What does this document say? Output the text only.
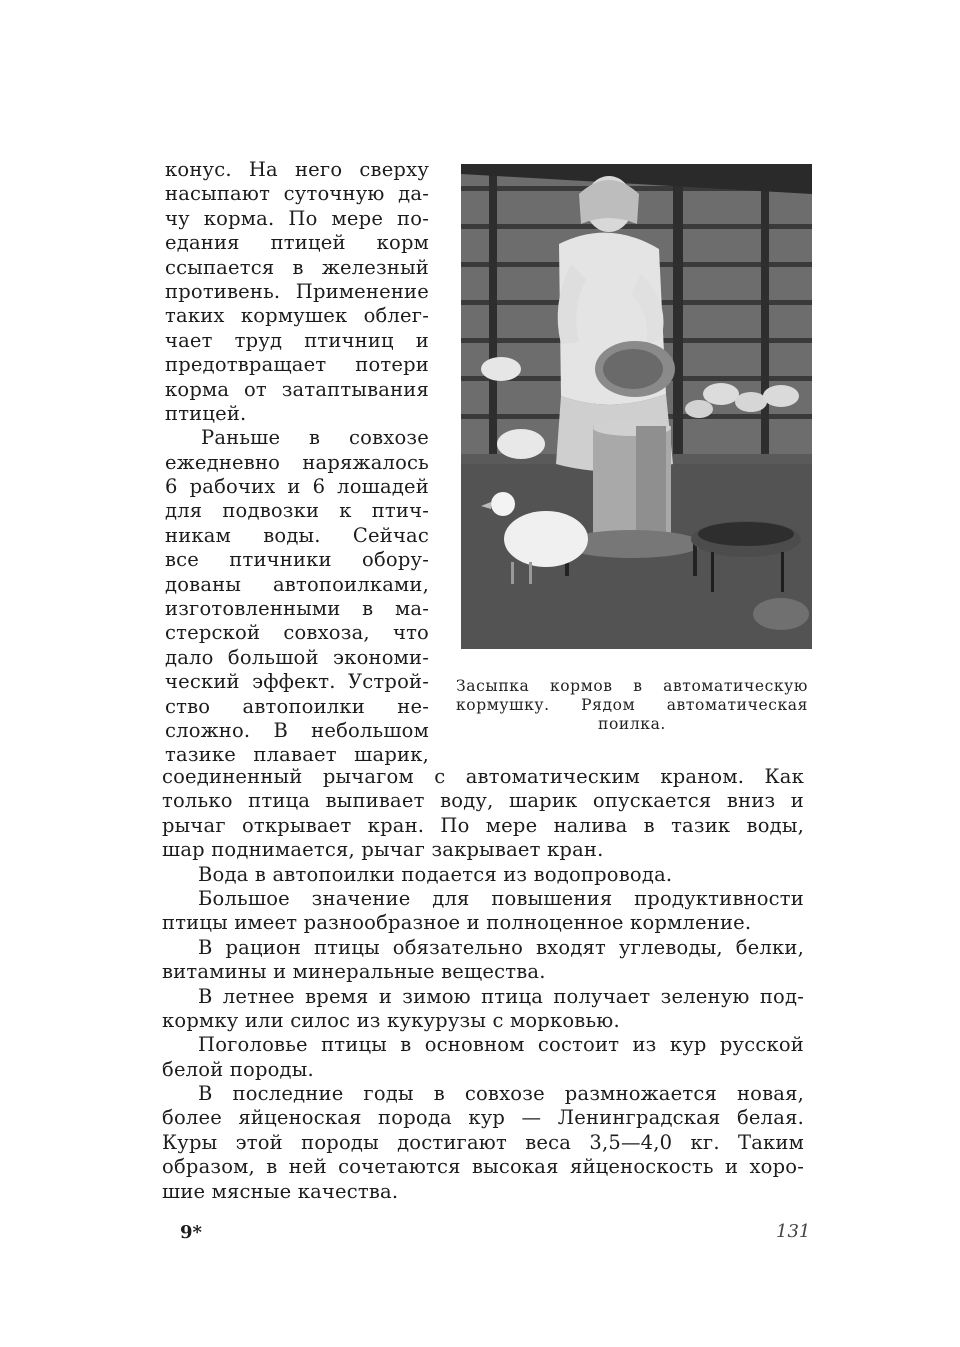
конус. На него сверху
насыпают суточную да-
чу корма. По мере по-
едания птицей корм
ссыпается в железный
противень. Применение
таких кормушек облег-
чает труд птичниц и
предотвращает потери
корма от затаптывания
птицей.
Раньше в совхозе
ежедневно наряжалось
6 рабочих и 6 лошадей
для подвозки к птич-
никам воды. Сейчас
все птичники обору-
дованы автопоилками,
изготовленными в ма-
стерской совхоза, что
дало большой экономи-
ческий эффект. Устрой-
ство автопоилки не-
сложно. В небольшом
тазике плавает шарик,
Засыпка кормов в автоматическую
кормушку. Рядом автоматическая
поилка.
соединенный рычагом с автоматическим краном. Как
только птица выпивает воду, шарик опускается вниз и
рычаг открывает кран. По мере налива в тазик воды,
шар поднимается, рычаг закрывает кран.
Вода в автопоилки подается из водопровода.
Большое значение для повышения продуктивности
птицы имеет разнообразное и полноценное кормление.
В рацион птицы обязательно входят углеводы, белки,
витамины и минеральные вещества.
В летнее время и зимою птица получает зеленую под-
кормку или силос из кукурузы с морковью.
Поголовье птицы в основном состоит из кур русской
белой породы.
В последние годы в совхозе размножается новая,
более яйценоская порода кур — Ленинградская белая.
Куры этой породы достигают веса 3,5—4,0 кг. Таким
образом, в ней сочетаются высокая яйценоскость и хоро-
шие мясные качества.
9*	131
